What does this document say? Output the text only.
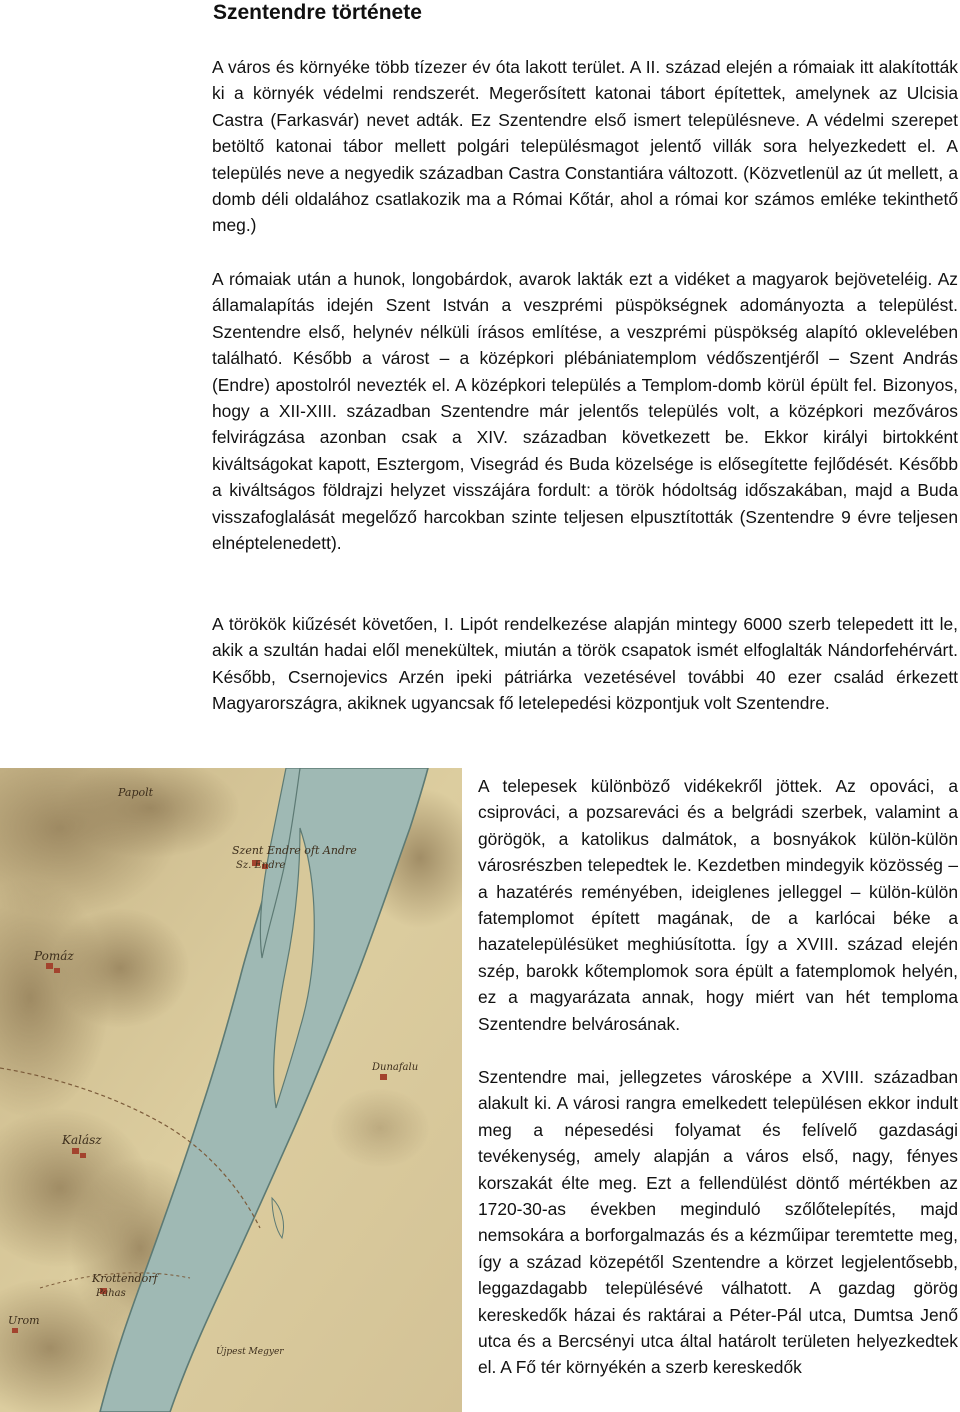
Szentendre története

A város és környéke több tízezer év óta lakott terület. A II. század elején a rómaiak itt alakították ki a környék védelmi rendszerét. Megerősített katonai tábort építettek, amelynek az Ulcisia Castra (Farkasvár) nevet adták. Ez Szentendre első ismert településneve. A védelmi szerepet betöltő katonai tábor mellett polgári településmagot jelentő villák sora helyezkedett el. A település neve a negyedik században Castra Constantiára változott. (Közvetlenül az út mellett, a domb déli oldalához csatlakozik ma a Római Kőtár, ahol a római kor számos emléke tekinthető meg.)

A rómaiak után a hunok, longobárdok, avarok lakták ezt a vidéket a magyarok bejöveteléig. Az államalapítás idején Szent István a veszprémi püspökségnek adományozta a települést. Szentendre első, helynév nélküli írásos említése, a veszprémi püspökség alapító oklevelében található. Később a várost – a középkori plébániatemplom védőszentjéről – Szent András (Endre) apostolról nevezték el. A középkori település a Templom-domb körül épült fel. Bizonyos, hogy a XII-XIII. században Szentendre már jelentős település volt, a középkori mezőváros felvirágzása azonban csak a XIV. században következett be. Ekkor királyi birtokként kiváltságokat kapott, Esztergom, Visegrád és Buda közelsége is elősegítette fejlődését. Később a kiváltságos földrajzi helyzet visszájára fordult: a török hódoltság időszakában, majd a Buda visszafoglalását megelőző harcokban szinte teljesen elpusztították (Szentendre 9 évre teljesen elnéptelenedett).

A törökök kiűzését követően, I. Lipót rendelkezése alapján mintegy 6000 szerb telepedett itt le, akik a szultán hadai elől menekültek, miután a török csapatok ismét elfoglalták Nándorfehérvárt. Később, Csernojevics Arzén ipeki pátriárka vezetésével további 40 ezer család érkezett Magyarországra, akiknek ugyancsak fő letelepedési központjuk volt Szentendre.

Papolt
Szent Endre oft Andre
Sz. Endre
Pomáz
Dunafalu
Kalász
Krottendorf
Pahas
Urom
Újpest Megyer

A telepesek különböző vidékekről jöttek. Az opováci, a csiprováci, a pozsareváci és a belgrádi szerbek, valamint a görögök, a katolikus dalmátok, a bosnyákok külön-külön városrészben telepedtek le. Kezdetben mindegyik közösség – a hazatérés reményében, ideiglenes jelleggel – külön-külön fatemplomot épített magának, de a karlócai béke a hazatelepülésüket meghiúsította. Így a XVIII. század elején szép, barokk kőtemplomok sora épült a fatemplomok helyén, ez a magyarázata annak, hogy miért van hét temploma Szentendre belvárosának.

Szentendre mai, jellegzetes városképe a XVIII. században alakult ki. A városi rangra emelkedett településen ekkor indult meg a népesedési folyamat és felívelő gazdasági tevékenység, amely alapján a város első, nagy, fényes korszakát élte meg. Ezt a fellendülést döntő mértékben az 1720-30-as években meginduló szőlőtelepítés, majd nemsokára a borforgalmazás és a kézműipar teremtette meg, így a század közepétől Szentendre a körzet legjelentősebb, leggazdagabb településévé válhatott. A gazdag görög kereskedők házai és raktárai a Péter-Pál utca, Dumtsa Jenő utca és a Bercsényi utca által határolt területen helyezkedtek el. A Fő tér környékén a szerb kereskedők
